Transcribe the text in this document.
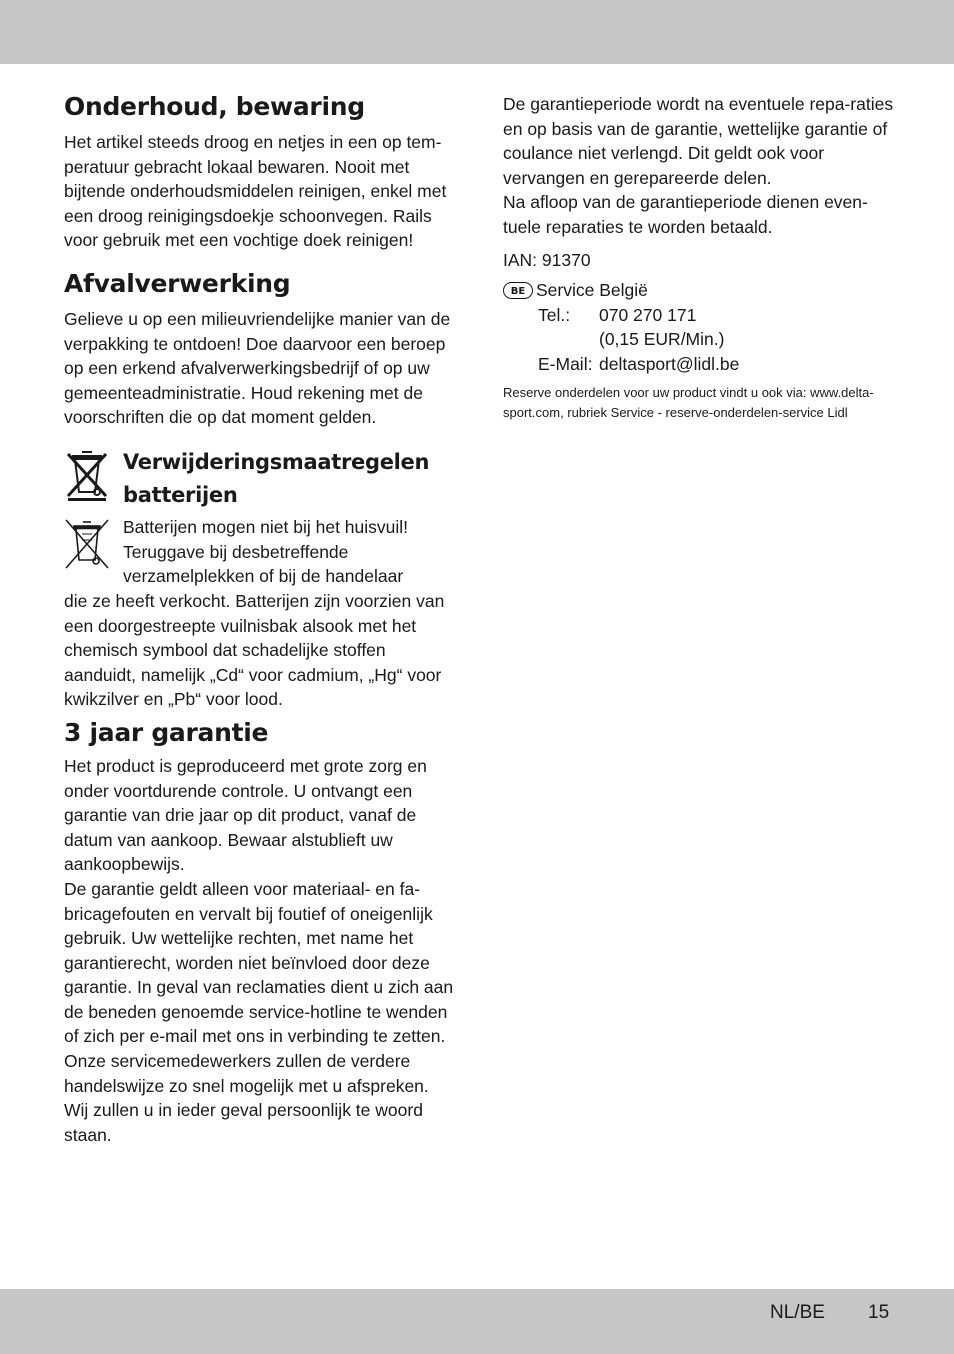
Onderhoud, bewaring

Het artikel steeds droog en netjes in een op tem-peratuur gebracht lokaal bewaren. Nooit met bijtende onderhoudsmiddelen reinigen, enkel met een droog reinigingsdoekje schoonvegen. Rails voor gebruik met een vochtige doek reinigen!

Afvalverwerking

Gelieve u op een milieuvriendelijke manier van de verpakking te ontdoen! Doe daarvoor een beroep op een erkend afvalverwerkingsbedrijf of op uw gemeenteadministratie. Houd rekening met de voorschriften die op dat moment gelden.

Verwijderingsmaatregelen
batterijen

Batterijen mogen niet bij het huisvuil! Teruggave bij desbetreffende verzamelplekken of bij de handelaar

die ze heeft verkocht. Batterijen zijn voorzien van een doorgestreepte vuilnisbak alsook met het chemisch symbool dat schadelijke stoffen aanduidt, namelijk „Cd“ voor cadmium, „Hg“ voor kwikzilver en „Pb“ voor lood.

3 jaar garantie

Het product is geproduceerd met grote zorg en onder voortdurende controle. U ontvangt een garantie van drie jaar op dit product, vanaf de datum van aankoop. Bewaar alstublieft uw aankoopbewijs.

De garantie geldt alleen voor materiaal- en fa-bricagefouten en vervalt bij foutief of oneigenlijk gebruik. Uw wettelijke rechten, met name het garantierecht, worden niet beïnvloed door deze garantie. In geval van reclamaties dient u zich aan de beneden genoemde service-hotline te wenden of zich per e-mail met ons in verbinding te zetten. Onze servicemedewerkers zullen de verdere handelswijze zo snel mogelijk met u afspreken. Wij zullen u in ieder geval persoonlijk te woord staan.

De garantieperiode wordt na eventuele repa-raties en op basis van de garantie, wettelijke garantie of coulance niet verlengd. Dit geldt ook voor vervangen en gerepareerde delen.

Na afloop van de garantieperiode dienen even-tuele reparaties te worden betaald.

IAN: 91370

BE Service België

Tel.: 070 270 171
(0,15 EUR/Min.)
E-Mail: deltasport@lidl.be

Reserve onderdelen voor uw product vindt u ook via: www.delta-sport.com, rubriek Service - reserve-onderdelen-service Lidl

NL/BE 15
